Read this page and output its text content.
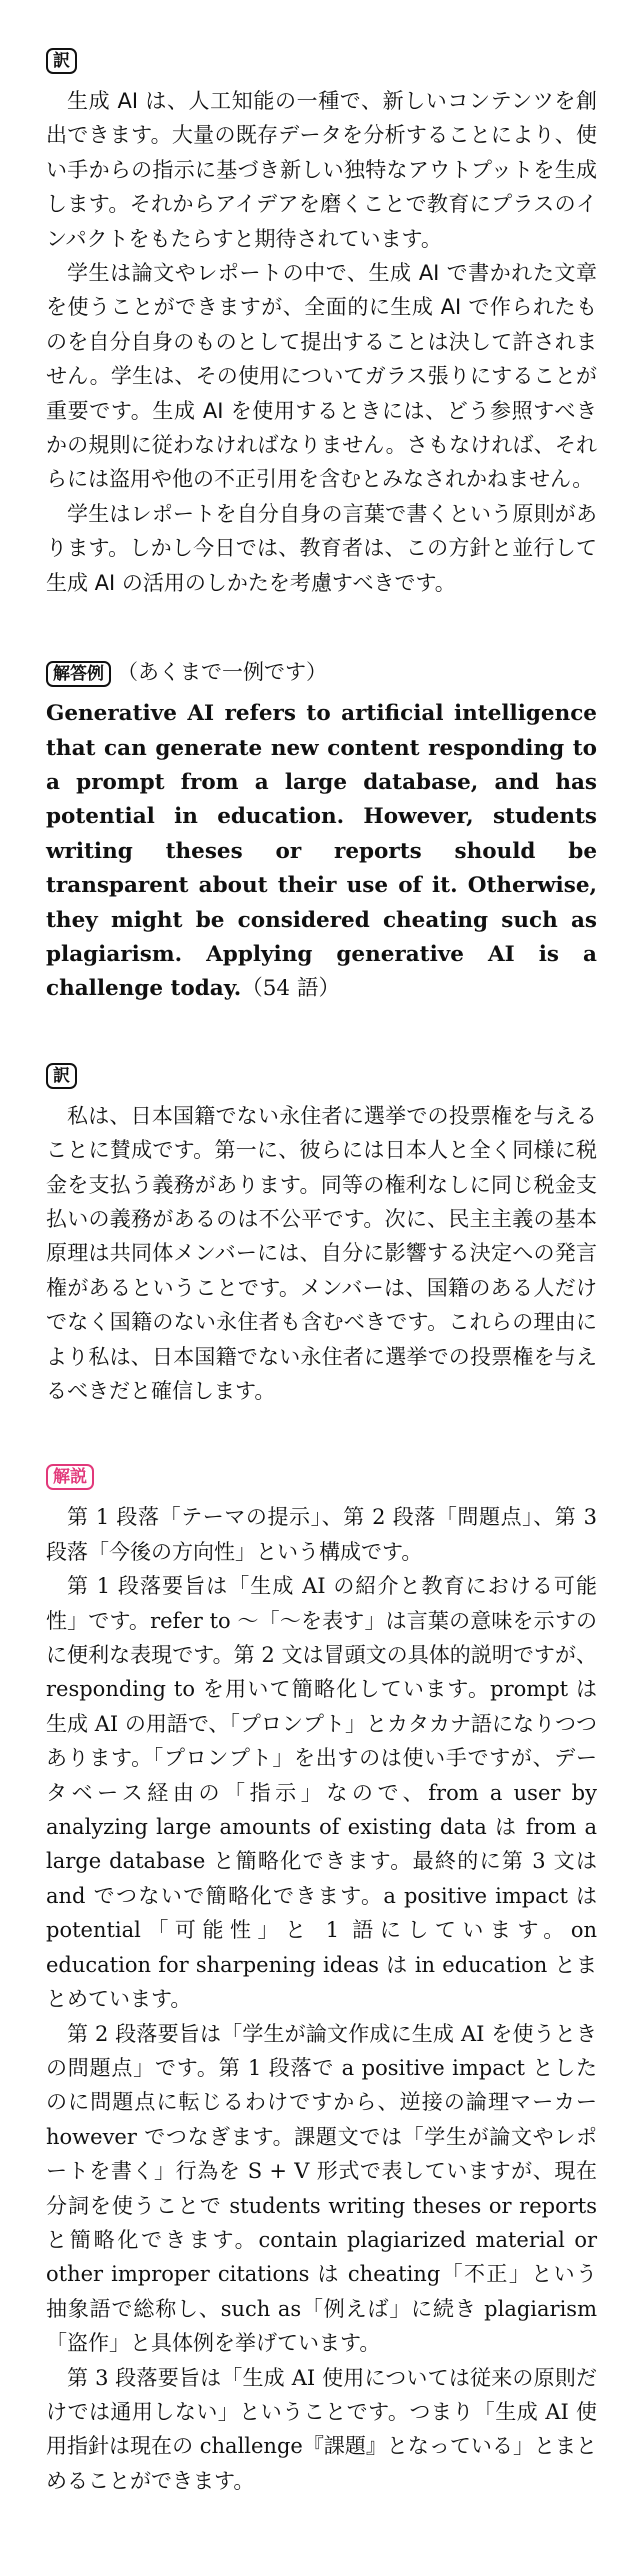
訳

生成 AI は、人工知能の一種で、新しいコンテンツを創出できます。大量の既存データを分析することにより、使い手からの指示に基づき新しい独特なアウトプットを生成します。それからアイデアを磨くことで教育にプラスのインパクトをもたらすと期待されています。

学生は論文やレポートの中で、生成 AI で書かれた文章を使うことができますが、全面的に生成 AI で作られたものを自分自身のものとして提出することは決して許されません。学生は、その使用についてガラス張りにすることが重要です。生成 AI を使用するときには、どう参照すべきかの規則に従わなければなりません。さもなければ、それらには盗用や他の不正引用を含むとみなされかねません。

学生はレポートを自分自身の言葉で書くという原則があります。しかし今日では、教育者は、この方針と並行して生成 AI の活用のしかたを考慮すべきです。

解答例 （あくまで一例です）

Generative AI refers to artificial intelligence that can generate new content responding to a prompt from a large database, and has potential in education. However, students writing theses or reports should be transparent about their use of it. Otherwise, they might be considered cheating such as plagiarism. Applying generative AI is a challenge today.（54 語）

訳

私は、日本国籍でない永住者に選挙での投票権を与えることに賛成です。第一に、彼らには日本人と全く同様に税金を支払う義務があります。同等の権利なしに同じ税金支払いの義務があるのは不公平です。次に、民主主義の基本原理は共同体メンバーには、自分に影響する決定への発言権があるということです。メンバーは、国籍のある人だけでなく国籍のない永住者も含むべきです。これらの理由により私は、日本国籍でない永住者に選挙での投票権を与えるべきだと確信します。

解説

第 1 段落「テーマの提示」、第 2 段落「問題点」、第 3 段落「今後の方向性」という構成です。

第 1 段落要旨は「生成 AI の紹介と教育における可能性」です。refer to 〜「〜を表す」は言葉の意味を示すのに便利な表現です。第 2 文は冒頭文の具体的説明ですが、responding to を用いて簡略化しています。prompt は生成 AI の用語で、「プロンプト」とカタカナ語になりつつあります。「プロンプト」を出すのは使い手ですが、データベース経由の「指示」なので、from a user by analyzing large amounts of existing data は from a large database と簡略化できます。最終的に第 3 文は and でつないで簡略化できます。a positive impact は potential「可能性」と 1 語にしています。on education for sharpening ideas は in education とまとめています。

第 2 段落要旨は「学生が論文作成に生成 AI を使うときの問題点」です。第 1 段落で a positive impact としたのに問題点に転じるわけですから、逆接の論理マーカー however でつなぎます。課題文では「学生が論文やレポートを書く」行為を S + V 形式で表していますが、現在分詞を使うことで students writing theses or reports と簡略化できます。contain plagiarized material or other improper citations は cheating「不正」という抽象語で総称し、such as「例えば」に続き plagiarism「盗作」と具体例を挙げています。

第 3 段落要旨は「生成 AI 使用については従来の原則だけでは通用しない」ということです。つまり「生成 AI 使用指針は現在の challenge『課題』となっている」とまとめることができます。
